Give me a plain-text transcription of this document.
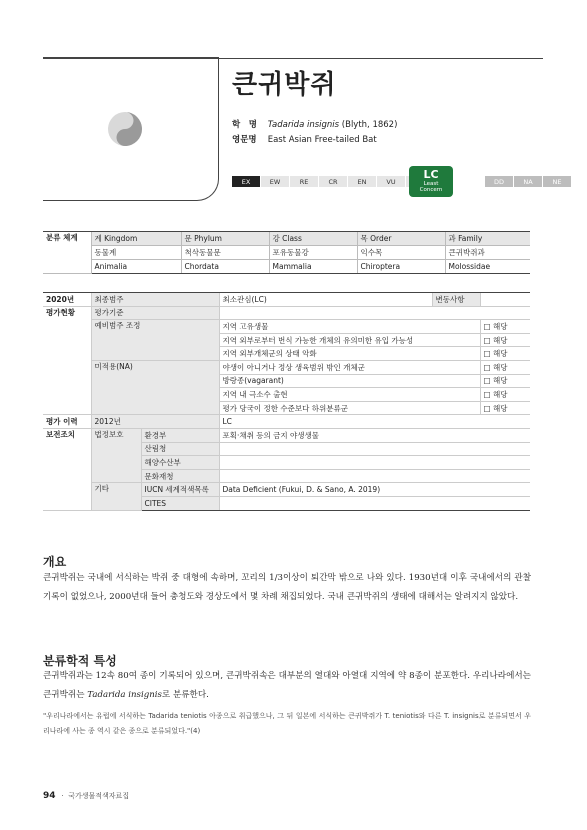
큰귀박쥐
학　명 Tadarida insignis (Blyth, 1862)
영문명 East Asian Free-tailed Bat
EX	EW	RE	CR	EN	VU	DD	NA	NE
LC
Least
Concern
분류 체계	계 Kingdom	문 Phylum	강 Class	목 Order	과 Family
	동물계	척삭동물문	포유동물강	익수목	큰귀박쥐과
	Animalia	Chordata	Mammalia	Chiroptera	Molossidae
2020년	최종범주		최소관심(LC)	변동사항	
평가현황	평가기준				
	예비범주 조정		지역 고유생물		□ 해당
			지역 외부로부터 번식 가능한 개체의 유의미한 유입 가능성		□ 해당
			지역 외부개체군의 상태 악화		□ 해당
	미적용(NA)		야생이 아니거나 정상 생육범위 밖인 개체군		□ 해당
			방랑종(vagarant)		□ 해당
			지역 내 극소수 출현		□ 해당
			평가 당국이 정한 수준보다 하위분류군		□ 해당
평가 이력	2012년		LC		
보전조치	법정보호	환경부	포획·채취 등의 금지 야생생물		
		산림청			
		해양수산부			
		문화재청			
	기타	IUCN 세계적색목록	Data Deficient (Fukui, D. & Sano, A. 2019)		
		CITES			
개요
큰귀박쥐는 국내에 서식하는 박쥐 중 대형에 속하며, 꼬리의 1/3이상이 퇴간막 밖으로 나와 있다. 1930년대 이후 국내에서의 관찰 기록이 없었으나, 2000년대 들어 충청도와 경상도에서 몇 차례 채집되었다. 국내 큰귀박쥐의 생태에 대해서는 알려지지 않았다.
분류학적 특성
큰귀박쥐과는 12속 80여 종이 기록되어 있으며, 큰귀박쥐속은 대부분의 열대와 아열대 지역에 약 8종이 분포한다. 우리나라에서는 큰귀박쥐는 Tadarida insignis로 분류한다.
"우리나라에서는 유럽에 서식하는 Tadarida teniotis 아종으로 취급했으나, 그 뒤 일본에 서식하는 큰귀박쥐가 T. teniotis와 다른 T. insignis로 분류되면서 우리나라에 사는 종 역시 같은 종으로 분류되었다."(4)
94 ·  국가생물적색자료집
